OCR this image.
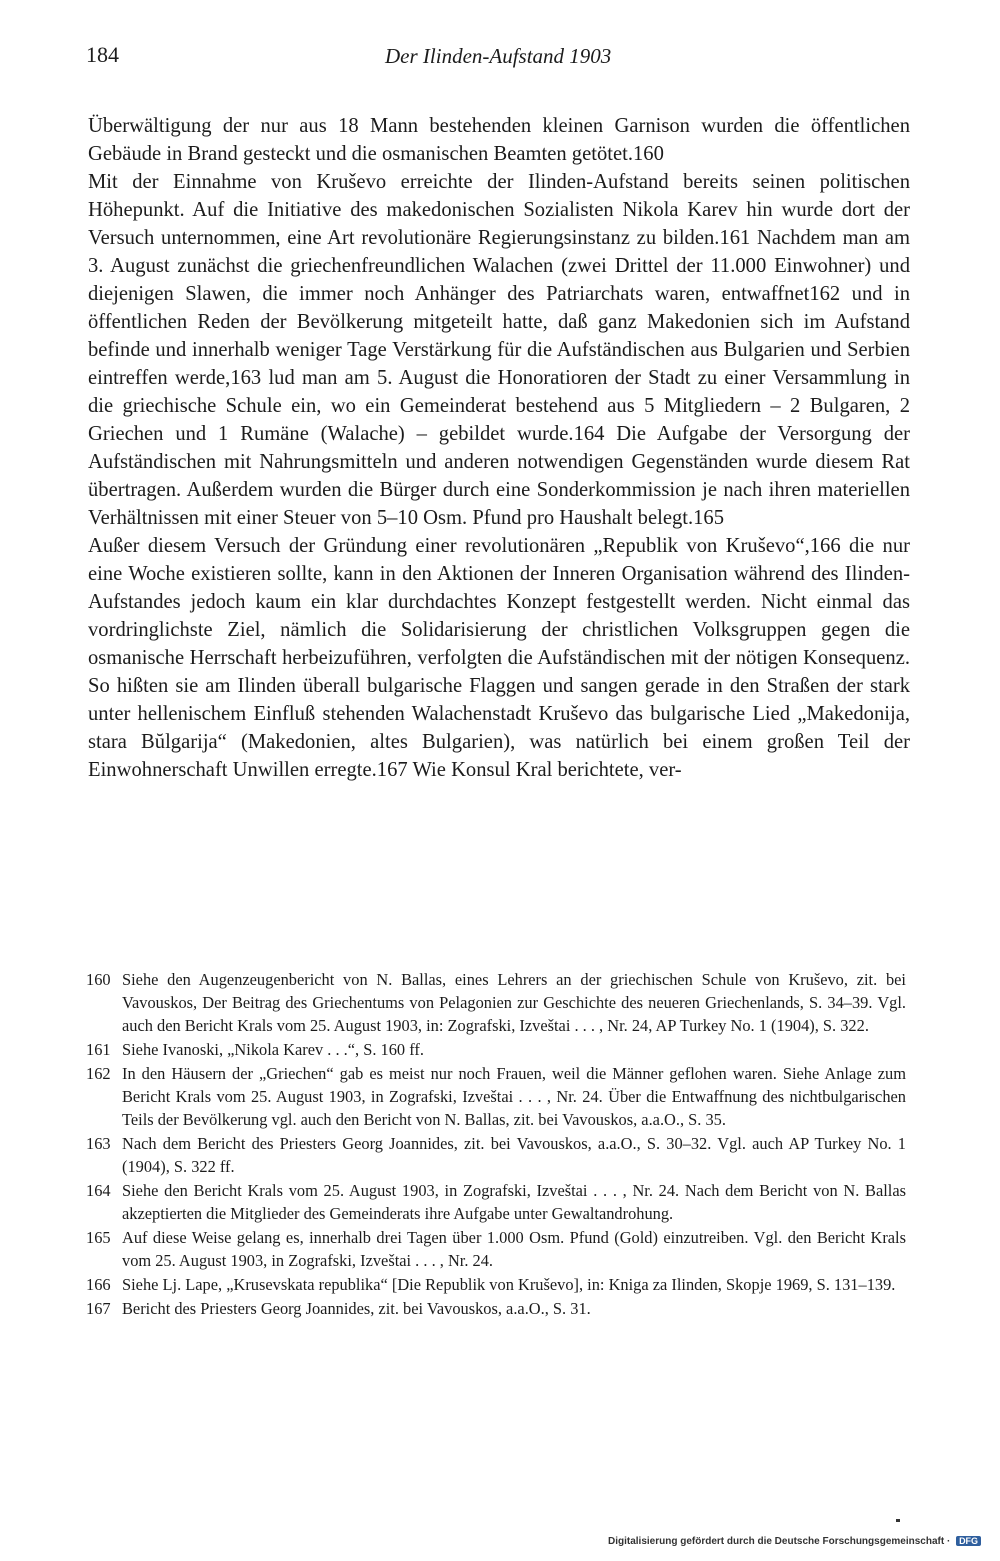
184	Der Ilinden-Aufstand 1903

Überwältigung der nur aus 18 Mann bestehenden kleinen Garnison wurden die öffentlichen Gebäude in Brand gesteckt und die osmanischen Beamten getötet.160

Mit der Einnahme von Kruševo erreichte der Ilinden-Aufstand bereits seinen politischen Höhepunkt. Auf die Initiative des makedonischen Sozialisten Nikola Karev hin wurde dort der Versuch unternommen, eine Art revolutionäre Regierungsinstanz zu bilden.161 Nachdem man am 3. August zunächst die griechenfreundlichen Walachen (zwei Drittel der 11.000 Einwohner) und diejenigen Slawen, die immer noch Anhänger des Patriarchats waren, entwaffnet162 und in öffentlichen Reden der Bevölkerung mitgeteilt hatte, daß ganz Makedonien sich im Aufstand befinde und innerhalb weniger Tage Verstärkung für die Aufständischen aus Bulgarien und Serbien eintreffen werde,163 lud man am 5. August die Honoratioren der Stadt zu einer Versammlung in die griechische Schule ein, wo ein Gemeinderat bestehend aus 5 Mitgliedern – 2 Bulgaren, 2 Griechen und 1 Rumäne (Walache) – gebildet wurde.164 Die Aufgabe der Versorgung der Aufständischen mit Nahrungsmitteln und anderen notwendigen Gegenständen wurde diesem Rat übertragen. Außerdem wurden die Bürger durch eine Sonderkommission je nach ihren materiellen Verhältnissen mit einer Steuer von 5–10 Osm. Pfund pro Haushalt belegt.165

Außer diesem Versuch der Gründung einer revolutionären „Republik von Kruševo“,166 die nur eine Woche existieren sollte, kann in den Aktionen der Inneren Organisation während des Ilinden-Aufstandes jedoch kaum ein klar durchdachtes Konzept festgestellt werden. Nicht einmal das vordringlichste Ziel, nämlich die Solidarisierung der christlichen Volksgruppen gegen die osmanische Herrschaft herbeizuführen, verfolgten die Aufständischen mit der nötigen Konsequenz. So hißten sie am Ilinden überall bulgarische Flaggen und sangen gerade in den Straßen der stark unter hellenischem Einfluß stehenden Walachenstadt Kruševo das bulgarische Lied „Makedonija, stara Bŭlgarija“ (Makedonien, altes Bulgarien), was natürlich bei einem großen Teil der Einwohnerschaft Unwillen erregte.167 Wie Konsul Kral berichtete, ver-

160 Siehe den Augenzeugenbericht von N. Ballas, eines Lehrers an der griechischen Schule von Kruševo, zit. bei Vavouskos, Der Beitrag des Griechentums von Pelagonien zur Geschichte des neueren Griechenlands, S. 34–39. Vgl. auch den Bericht Krals vom 25. August 1903, in: Zografski, Izveštai . . . , Nr. 24, AP Turkey No. 1 (1904), S. 322.
161 Siehe Ivanoski, „Nikola Karev . . .“, S. 160 ff.
162 In den Häusern der „Griechen“ gab es meist nur noch Frauen, weil die Männer geflohen waren. Siehe Anlage zum Bericht Krals vom 25. August 1903, in Zografski, Izveštai . . . , Nr. 24. Über die Entwaffnung des nichtbulgarischen Teils der Bevölkerung vgl. auch den Bericht von N. Ballas, zit. bei Vavouskos, a.a.O., S. 35.
163 Nach dem Bericht des Priesters Georg Joannides, zit. bei Vavouskos, a.a.O., S. 30–32. Vgl. auch AP Turkey No. 1 (1904), S. 322 ff.
164 Siehe den Bericht Krals vom 25. August 1903, in Zografski, Izveštai . . . , Nr. 24. Nach dem Bericht von N. Ballas akzeptierten die Mitglieder des Gemeinderats ihre Aufgabe unter Gewaltandrohung.
165 Auf diese Weise gelang es, innerhalb drei Tagen über 1.000 Osm. Pfund (Gold) einzutreiben. Vgl. den Bericht Krals vom 25. August 1903, in Zografski, Izveštai . . . , Nr. 24.
166 Siehe Lj. Lape, „Krusevskata republika“ [Die Republik von Kruševo], in: Kniga za Ilinden, Skopje 1969, S. 131–139.
167 Bericht des Priesters Georg Joannides, zit. bei Vavouskos, a.a.O., S. 31.
Digitalisierung gefördert durch die Deutsche Forschungsgemeinschaft · DFG
